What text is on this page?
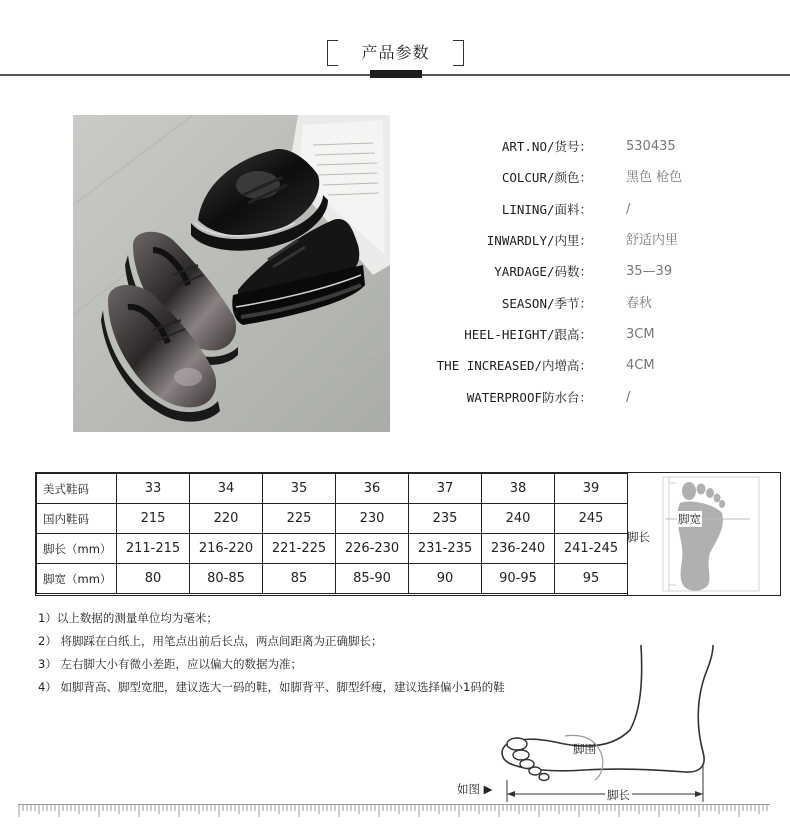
产品参数
ART.NO/货号：	530435
COLCUR/颜色：	黑色 枪色
LINING/面料：	/
INWARDLY/内里：	舒适内里
YARDAGE/码数：	35—39
SEASON/季节：	春秋
HEEL-HEIGHT/跟高：	3CM
THE INCREASED/内增高：	4CM
WATERPROOF防水台：	/
美式鞋码	33	34	35	36	37	38	39
国内鞋码	215	220	225	230	235	240	245
脚长（mm）	211-215	216-220	221-225	226-230	231-235	236-240	241-245
脚宽（mm）	80	80-85	85	85-90	90	90-95	95
脚宽
脚长
1）以上数据的测量单位均为毫米；
2） 将脚踩在白纸上，用笔点出前后长点，两点间距离为正确脚长；
3） 左右脚大小有微小差距，应以偏大的数据为准；
4） 如脚背高、脚型宽肥，建议选大一码的鞋，如脚背平、脚型纤瘦，建议选择偏小1码的鞋
脚围
脚长
如图 ▶
